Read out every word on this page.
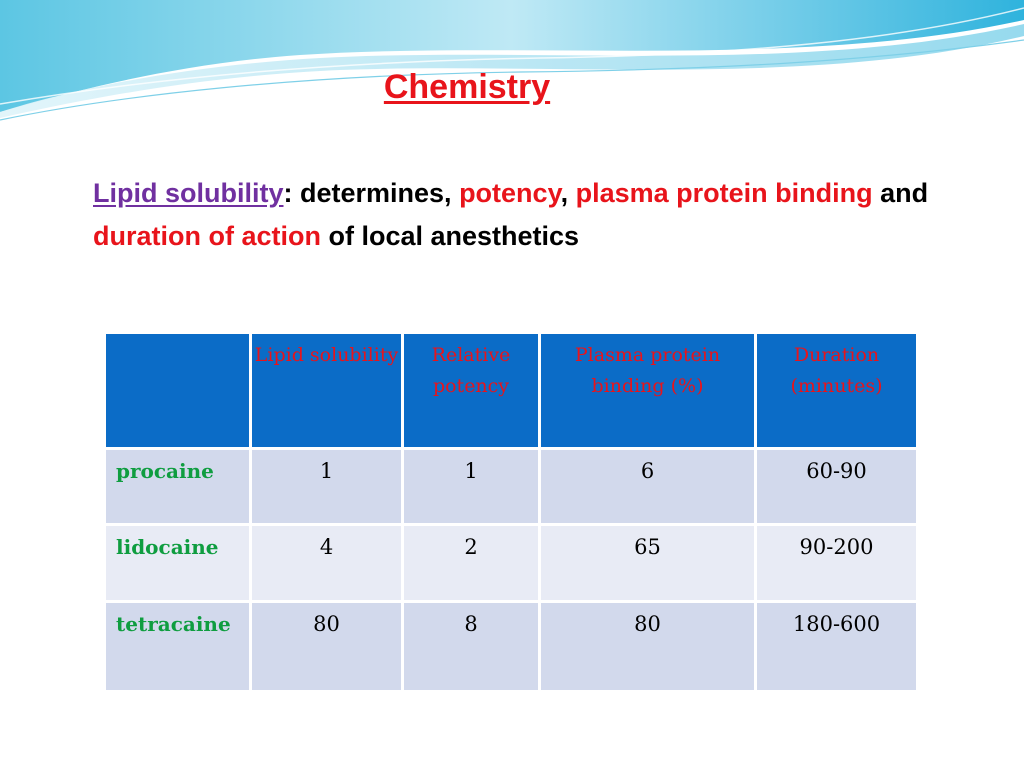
Chemistry
Lipid solubility: determines, potency, plasma protein binding and duration of action of local anesthetics
	Lipid solubility	Relative potency	Plasma protein binding (%)	Duration (minutes)
procaine	1	1	6	60-90
lidocaine	4	2	65	90-200
tetracaine	80	8	80	180-600
